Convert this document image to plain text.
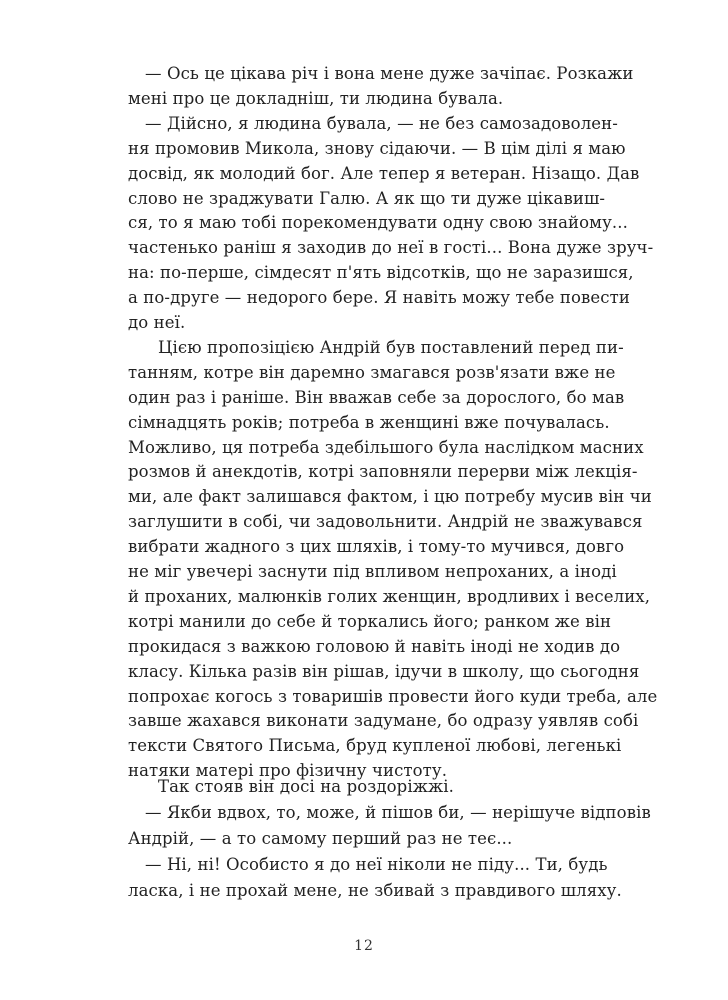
— Ось це цікава річ і вона мене дуже зачіпає. Розкажи
мені про це докладніш, ти людина бувала.
— Дійсно, я людина бувала, — не без самозадоволен-
ня промовив Микола, знову сідаючи. — В цім ділі я маю
досвід, як молодий бог. Але тепер я ветеран. Нізащо. Дав
слово не зраджувати Галю. А як що ти дуже цікавиш-
ся, то я маю тобі порекомендувати одну свою знайому...
частенько раніш я заходив до неї в гості... Вона дуже зруч-
на: по-перше, сімдесят п'ять відсотків, що не заразишся,
а по-друге — недорого бере. Я навіть можу тебе повести
до неї.
Цією пропозіцією Андрій був поставлений перед пи-
танням, котре він даремно змагався розв'язати вже не
один раз і раніше. Він вважав себе за дорослого, бо мав
сімнадцять років; потреба в женщині вже почувалась.
Можливо, ця потреба здебільшого була наслідком масних
розмов й анекдотів, котрі заповняли перерви між лекція-
ми, але факт залишався фактом, і цю потребу мусив він чи
заглушити в собі, чи задовольнити. Андрій не зважувався
вибрати жадного з цих шляхів, і тому-то мучився, довго
не міг увечері заснути під впливом непроханих, а іноді
й проханих, малюнків голих женщин, вродливих і веселих,
котрі манили до себе й торкались його; ранком же він
прокидася з важкою головою й навіть іноді не ходив до
класу. Кілька разів він рішав, ідучи в школу, що сьогодня
попрохає когось з товаришів провести його куди треба, але
завше жахався виконати задумане, бо одразу уявляв собі
тексти Святого Письма, бруд купленої любові, легенькі
натяки матері про фізичну чистоту.
Так стояв він досі на роздоріжжі.
— Якби вдвох, то, може, й пішов би, — нерішуче відповів
Андрій, — а то самому перший раз не теє...
— Ні, ні! Особисто я до неї ніколи не піду... Ти, будь
ласка, і не прохай мене, не збивай з правдивого шляху.
12
